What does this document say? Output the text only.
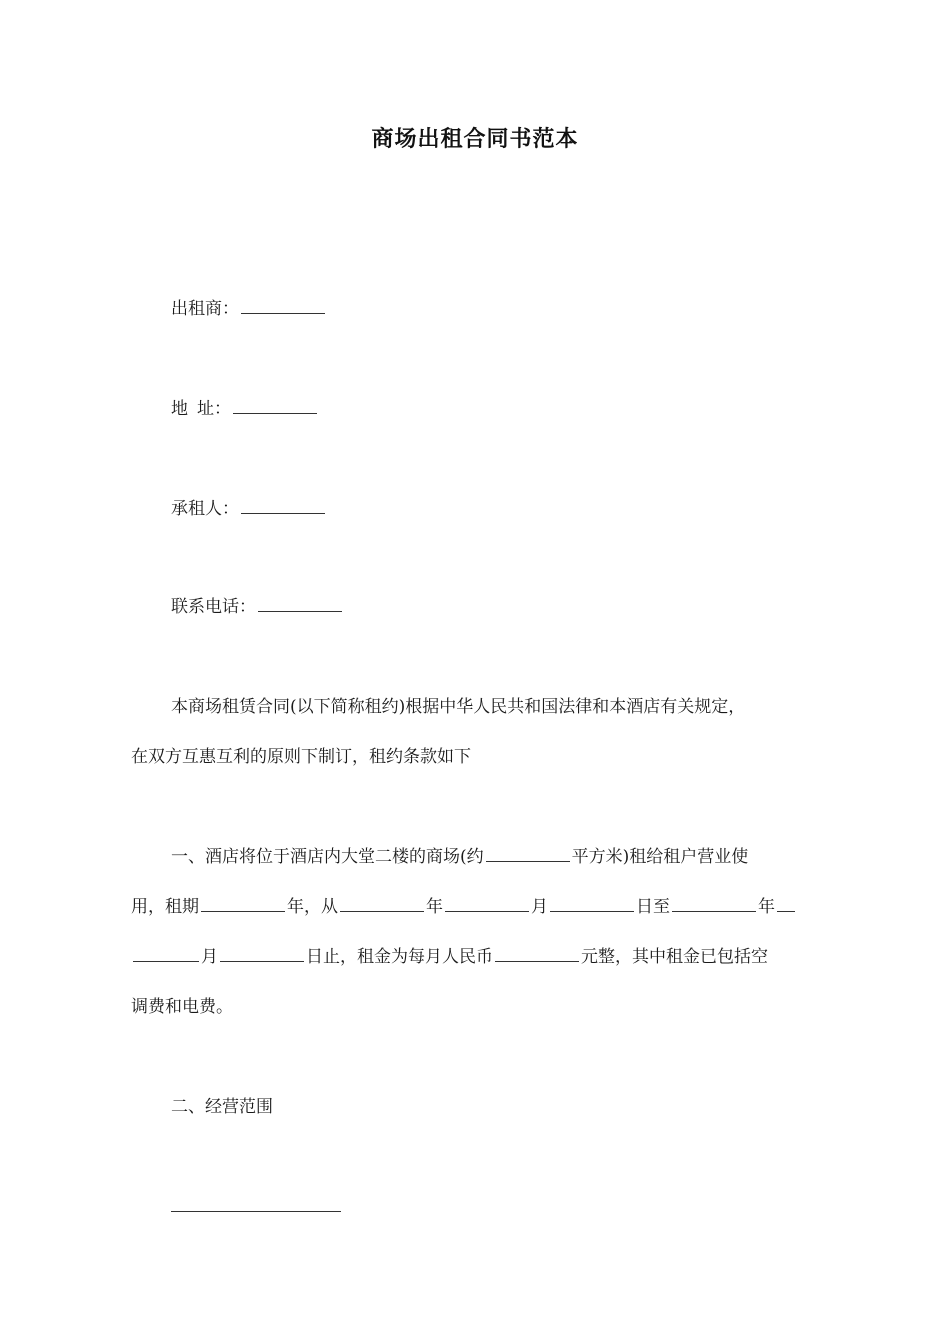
商场出租合同书范本
出租商：
地 址：
承租人：
联系电话：
本商场租赁合同(以下简称租约)根据中华人民共和国法律和本酒店有关规定，
在双方互惠互利的原则下制订，租约条款如下
一、酒店将位于酒店内大堂二楼的商场(约	平方米)租给租户营业使
用，租期	年，从	年	月	日至	年
月	日止，租金为每月人民币	元整，其中租金已包括空
调费和电费。
二、经营范围
